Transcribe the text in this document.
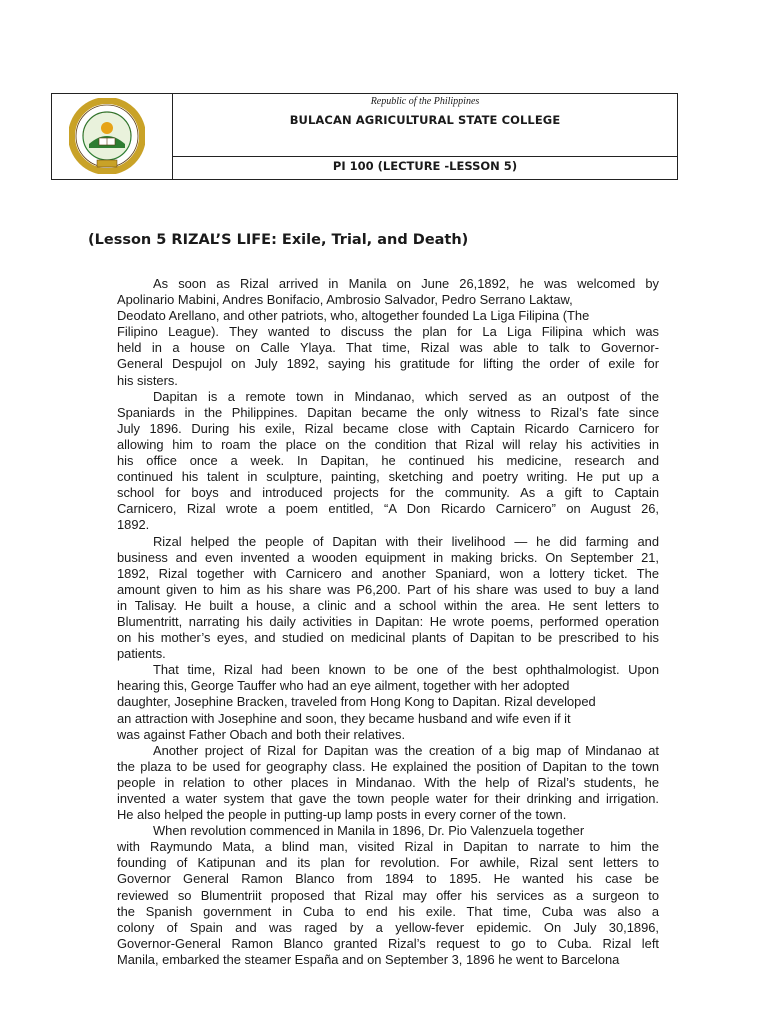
Republic of the Philippines
BULACAN AGRICULTURAL STATE COLLEGE
PI 100 (LECTURE -LESSON 5)
(Lesson 5 RIZAL’S LIFE: Exile, Trial, and Death)
As soon as Rizal arrived in Manila on June 26,1892, he was welcomed by
Apolinario Mabini, Andres Bonifacio, Ambrosio Salvador, Pedro Serrano Laktaw,
Deodato Arellano, and other patriots, who, altogether founded La Liga Filipina (The
Filipino League). They wanted to discuss the plan for La Liga Filipina which was
held in a house on Calle Ylaya. That time, Rizal was able to talk to Governor-
General Despujol on July 1892, saying his gratitude for lifting the order of exile for
his sisters.
Dapitan is a remote town in Mindanao, which served as an outpost of the
Spaniards in the Philippines. Dapitan became the only witness to Rizal’s fate since
July 1896. During his exile, Rizal became close with Captain Ricardo Carnicero for
allowing him to roam the place on the condition that Rizal will relay his activities in
his office once a week. In Dapitan, he continued his medicine, research and
continued his talent in sculpture, painting, sketching and poetry writing. He put up a
school for boys and introduced projects for the community. As a gift to Captain
Carnicero, Rizal wrote a poem entitled, “A Don Ricardo Carnicero” on August 26,
1892.
Rizal helped the people of Dapitan with their livelihood — he did farming and
business and even invented a wooden equipment in making bricks. On September 21,
1892, Rizal together with Carnicero and another Spaniard, won a lottery ticket. The
amount given to him as his share was P6,200. Part of his share was used to buy a land
in Talisay. He built a house, a clinic and a school within the area. He sent letters to
Blumentritt, narrating his daily activities in Dapitan: He wrote poems, performed operation
on his mother’s eyes, and studied on medicinal plants of Dapitan to be prescribed to his
patients.
That time, Rizal had been known to be one of the best ophthalmologist. Upon
hearing this, George Tauffer who had an eye ailment, together with her adopted
daughter, Josephine Bracken, traveled from Hong Kong to Dapitan. Rizal developed
an attraction with Josephine and soon, they became husband and wife even if it
was against Father Obach and both their relatives.
Another project of Rizal for Dapitan was the creation of a big map of Mindanao at
the plaza to be used for geography class. He explained the position of Dapitan to the town
people in relation to other places in Mindanao. With the help of Rizal’s students, he
invented a water system that gave the town people water for their drinking and irrigation.
He also helped the people in putting-up lamp posts in every corner of the town.
When revolution commenced in Manila in 1896, Dr. Pio Valenzuela together
with Raymundo Mata, a blind man, visited Rizal in Dapitan to narrate to him the
founding of Katipunan and its plan for revolution. For awhile, Rizal sent letters to
Governor General Ramon Blanco from 1894 to 1895. He wanted his case be
reviewed so Blumentriit proposed that Rizal may offer his services as a surgeon to
the Spanish government in Cuba to end his exile. That time, Cuba was also a
colony of Spain and was raged by a yellow-fever epidemic. On July 30,1896,
Governor-General Ramon Blanco granted Rizal’s request to go to Cuba. Rizal left
Manila, embarked the steamer España and on September 3, 1896 he went to Barcelona
